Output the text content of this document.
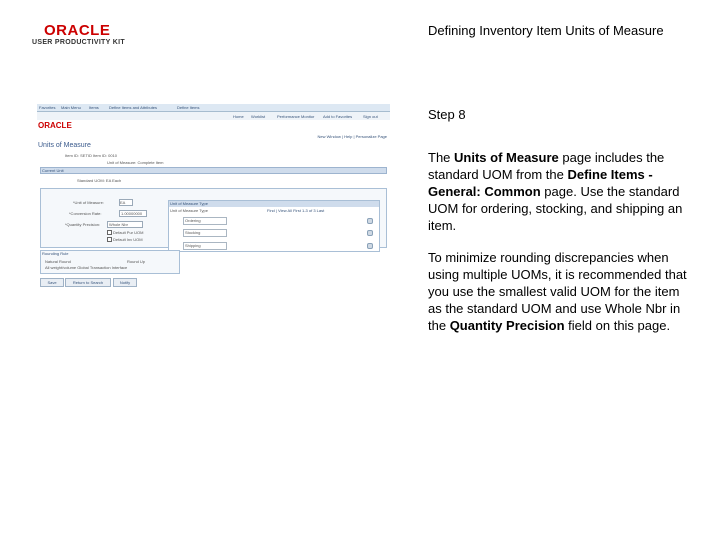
ORACLE
USER PRODUCTIVITY KIT
Defining Inventory Item Units of Measure
Favorites Main Menu Items	Define Items and Attributes	Define Items
Home Worklist	Performance Monitor Add to Favorites	Sign out
ORACLE
New Window | Help | Personalize Page
Units of Measure
Item ID: SETID Item ID: 0010
Unit of Measure: Complete Item
Current Unit
Standard UOM: EA Each
*Unit of Measure:	EA
*Conversion Rate:	1.00000000
*Quantity Precision: Whole Nbr
Default Pur UOM
Default Inv UOM
Unit of Measure Type
Find | View All First 1-3 of 3 Last
Unit of Measure Type
Ordering
Stocking
Shipping
Rounding Rule
Natural Round	Round Up
All weight/volume Global Transaction Interface
Save	Return to Search	Notify
Step 8
The Units of Measure page includes the standard UOM from the Define Items - General: Common page. Use the standard UOM for ordering, stocking, and shipping an item.
To minimize rounding discrepancies when using multiple UOMs, it is recommended that you use the smallest valid UOM for the item as the standard UOM and use Whole Nbr in the Quantity Precision field on this page.
